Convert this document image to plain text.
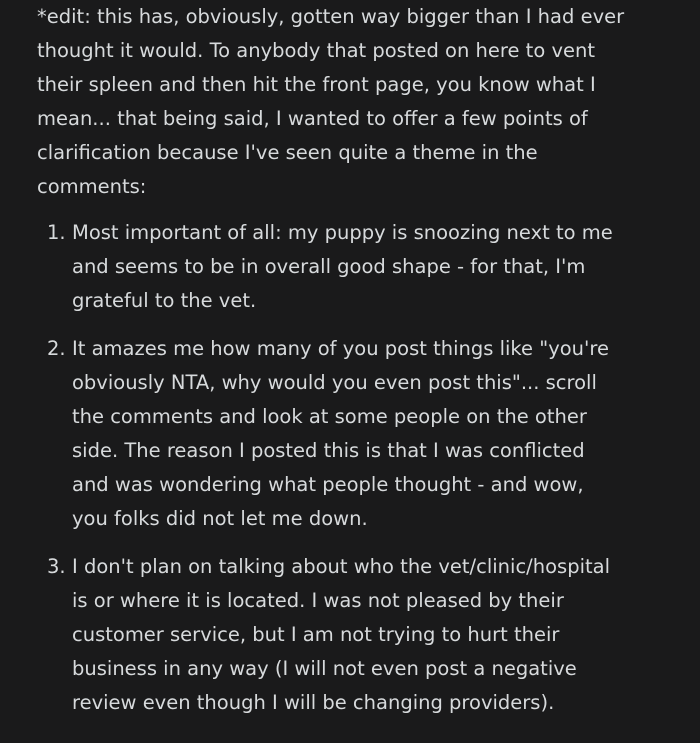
*edit: this has, obviously, gotten way bigger than I had ever
thought it would. To anybody that posted on here to vent
their spleen and then hit the front page, you know what I
mean... that being said, I wanted to offer a few points of
clarification because I've seen quite a theme in the
comments:
1. Most important of all: my puppy is snoozing next to me
and seems to be in overall good shape - for that, I'm
grateful to the vet.
2. It amazes me how many of you post things like "you're
obviously NTA, why would you even post this"... scroll
the comments and look at some people on the other
side. The reason I posted this is that I was conflicted
and was wondering what people thought - and wow,
you folks did not let me down.
3. I don't plan on talking about who the vet/clinic/hospital
is or where it is located. I was not pleased by their
customer service, but I am not trying to hurt their
business in any way (I will not even post a negative
review even though I will be changing providers).
